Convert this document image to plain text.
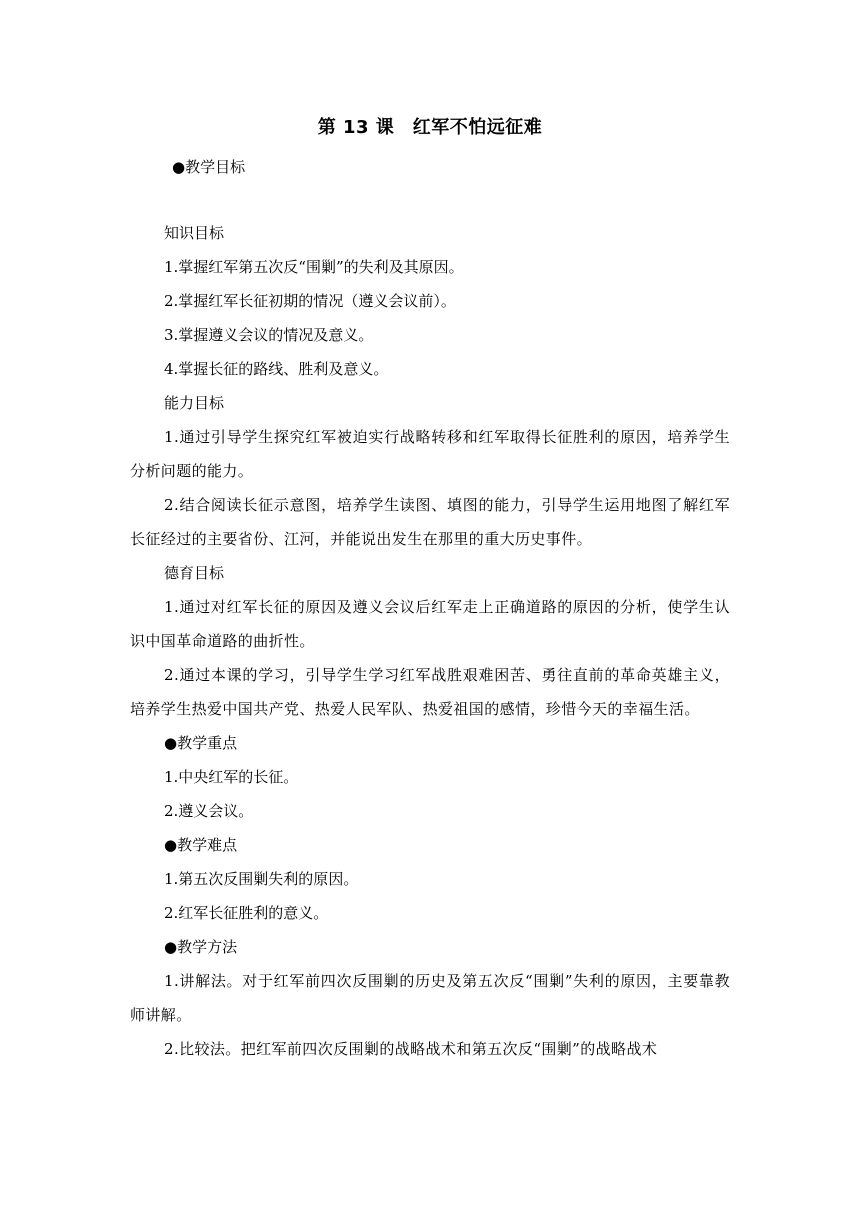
第 13 课　红军不怕远征难
● 教学目标
知识目标
1.掌握红军第五次反“围剿”的失利及其原因。
2.掌握红军长征初期的情况（遵义会议前）。
3.掌握遵义会议的情况及意义。
4.掌握长征的路线、胜利及意义。
能力目标
1.通过引导学生探究红军被迫实行战略转移和红军取得长征胜利的原因，培养学生分析问题的能力。
2.结合阅读长征示意图，培养学生读图、填图的能力，引导学生运用地图了解红军长征经过的主要省份、江河，并能说出发生在那里的重大历史事件。
德育目标
1.通过对红军长征的原因及遵义会议后红军走上正确道路的原因的分析，使学生认识中国革命道路的曲折性。
2.通过本课的学习，引导学生学习红军战胜艰难困苦、勇往直前的革命英雄主义，培养学生热爱中国共产党、热爱人民军队、热爱祖国的感情，珍惜今天的幸福生活。
● 教学重点
1.中央红军的长征。
2.遵义会议。
● 教学难点
1.第五次反围剿失利的原因。
2.红军长征胜利的意义。
● 教学方法
1.讲解法。对于红军前四次反围剿的历史及第五次反“围剿”失利的原因，主要靠教师讲解。
2.比较法。把红军前四次反围剿的战略战术和第五次反“围剿”的战略战术
